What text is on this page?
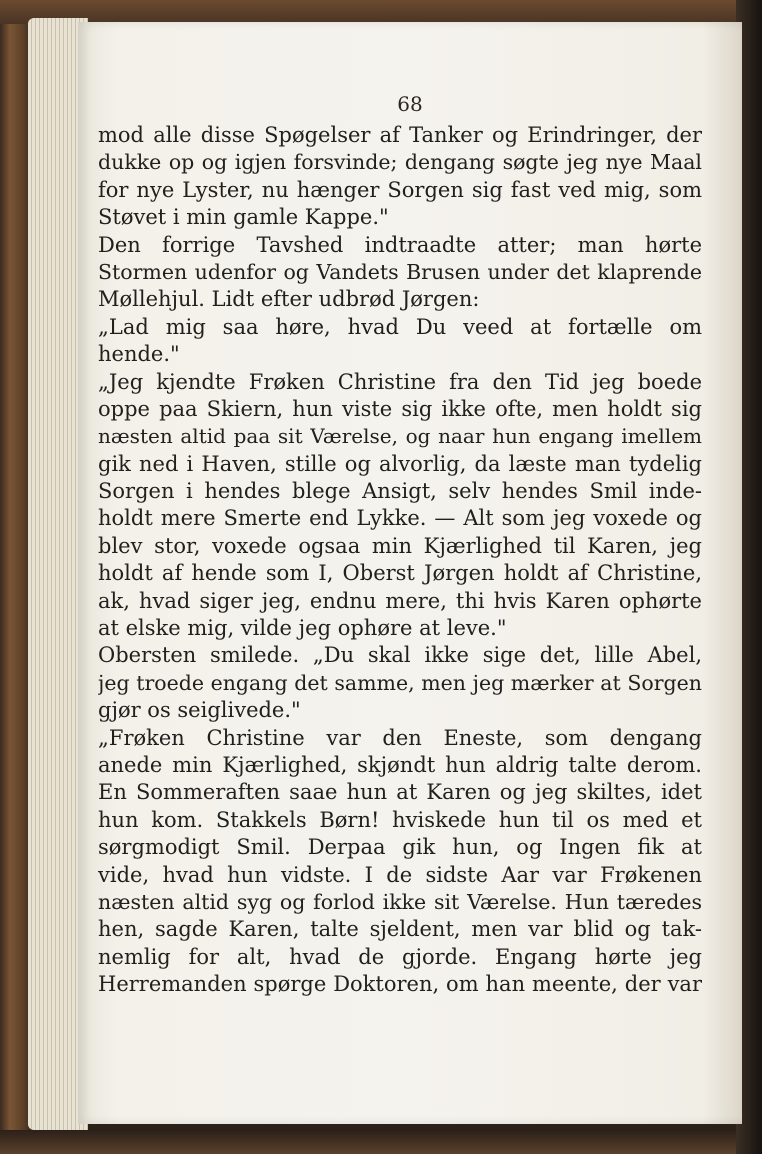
68
mod alle disse Spøgelser af Tanker og Erindringer, der
dukke op og igjen forsvinde; dengang søgte jeg nye Maal
for nye Lyster, nu hænger Sorgen sig fast ved mig, som
Støvet i min gamle Kappe."
Den forrige Tavshed indtraadte atter; man hørte
Stormen udenfor og Vandets Brusen under det klaprende
Møllehjul. Lidt efter udbrød Jørgen:
„Lad mig saa høre, hvad Du veed at fortælle om
hende."
„Jeg kjendte Frøken Christine fra den Tid jeg boede
oppe paa Skiern, hun viste sig ikke ofte, men holdt sig
næsten altid paa sit Værelse, og naar hun engang imellem
gik ned i Haven, stille og alvorlig, da læste man tydelig
Sorgen i hendes blege Ansigt, selv hendes Smil inde-
holdt mere Smerte end Lykke. — Alt som jeg voxede og
blev stor, voxede ogsaa min Kjærlighed til Karen, jeg
holdt af hende som I, Oberst Jørgen holdt af Christine,
ak, hvad siger jeg, endnu mere, thi hvis Karen ophørte
at elske mig, vilde jeg ophøre at leve."
Obersten smilede. „Du skal ikke sige det, lille Abel,
jeg troede engang det samme, men jeg mærker at Sorgen
gjør os seiglivede."
„Frøken Christine var den Eneste, som dengang
anede min Kjærlighed, skjøndt hun aldrig talte derom.
En Sommeraften saae hun at Karen og jeg skiltes, idet
hun kom. Stakkels Børn! hviskede hun til os med et
sørgmodigt Smil. Derpaa gik hun, og Ingen fik at
vide, hvad hun vidste. I de sidste Aar var Frøkenen
næsten altid syg og forlod ikke sit Værelse. Hun tæredes
hen, sagde Karen, talte sjeldent, men var blid og tak-
nemlig for alt, hvad de gjorde. Engang hørte jeg
Herremanden spørge Doktoren, om han meente, der var
